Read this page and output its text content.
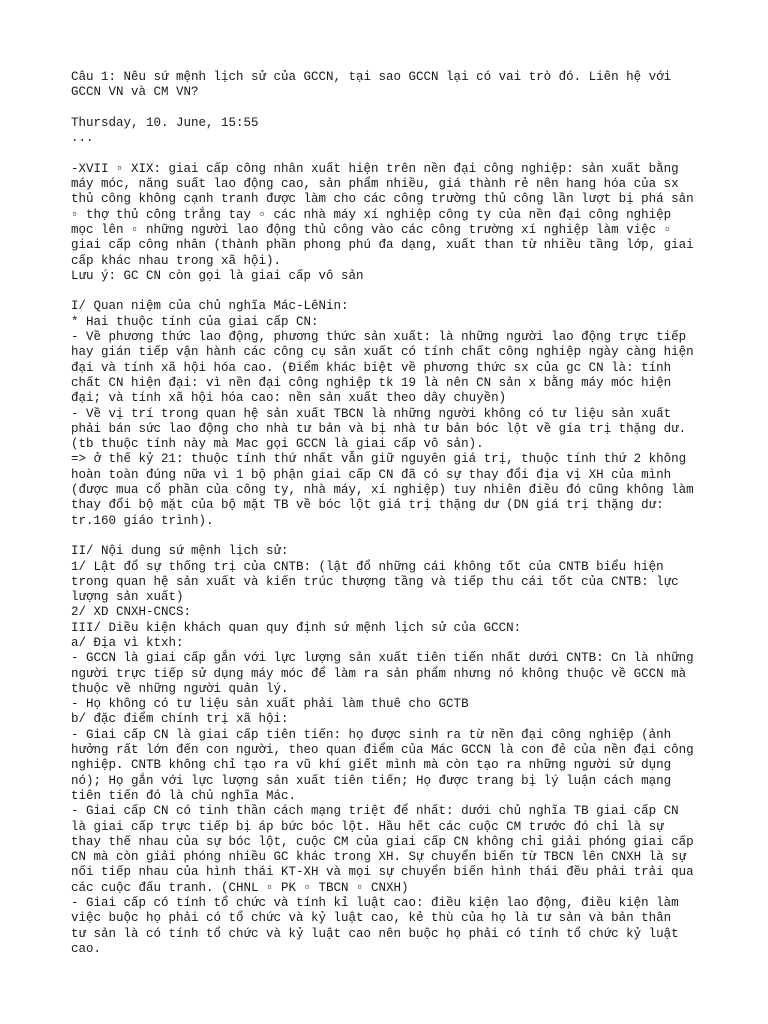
Câu 1: Nêu sứ mệnh lịch sử của GCCN, tại sao GCCN lại có vai trò đó. Liên hệ với
GCCN VN và CM VN?
Thursday, 10. June, 15:55
...
-XVII ▫ XIX: giai cấp công nhân xuất hiện trên nền đại công nghiệp: sản xuất bằng
máy móc, năng suất lao động cao, sản phẩm nhiều, giá thành rẻ nên hang hóa của sx
thủ công không cạnh tranh được làm cho các công trường thủ công lần lượt bị phá sản
▫ thợ thủ công trắng tay ▫ các nhà máy xí nghiệp công ty của nền đại công nghiệp
mọc lên ▫ những người lao động thủ công vào các công trường xí nghiệp làm việc ▫
giai cấp công nhân (thành phần phong phú đa dạng, xuất than từ nhiều tầng lớp, giai
cấp khác nhau trong xã hội).
Lưu ý: GC CN còn gọi là giai cấp vô sản
I/ Quan niệm của chủ nghĩa Mác-LêNin:
* Hai thuộc tính của giai cấp CN:
- Về phương thức lao động, phương thức sản xuất: là những người lao động trực tiếp
hay gián tiếp vận hành các công cụ sản xuất có tính chất công nghiệp ngày càng hiện
đại và tính xã hội hóa cao. (Điểm khác biệt về phương thức sx của gc CN là: tính
chất CN hiện đại: vì nền đại công nghiệp tk 19 là nên CN sản x bằng máy móc hiện
đại; và tính xã hội hóa cao: nền sản xuất theo dây chuyền)
- Về vị trí trong quan hệ sản xuất TBCN là những người không có tư liệu sản xuất
phải bán sức lao động cho nhà tư bản và bị nhà tư bản bóc lột về gía trị thặng dư.
(tb thuộc tính này mà Mac gọi GCCN là giai cấp vô sản).
=> ở thế kỷ 21: thuộc tính thứ nhất vẫn giữ nguyên giá trị, thuộc tính thứ 2 không
hoàn toàn đúng nữa vì 1 bộ phận giai cấp CN đã có sự thay đổi địa vị XH của mình
(được mua cổ phần của công ty, nhà máy, xí nghiệp) tuy nhiên điều đó cũng không làm
thay đổi bộ mặt của bộ mặt TB về bóc lột giá trị thặng dư (DN giá trị thặng dư:
tr.160 giáo trình).
II/ Nội dung sứ mệnh lịch sử:
1/ Lật đổ sự thống trị của CNTB: (lật đổ những cái không tốt của CNTB biểu hiện
trong quan hệ sản xuất và kiến trúc thượng tầng và tiếp thu cái tốt của CNTB: lực
lượng sản xuất)
2/ XD CNXH-CNCS:
III/ Diều kiện khách quan quy định sứ mệnh lịch sử của GCCN:
a/ Địa vì ktxh:
- GCCN là giai cấp gắn với lực lượng sản xuất tiên tiến nhất dưới CNTB: Cn là những
người trực tiếp sử dụng máy móc để làm ra sản phẩm nhưng nó không thuộc về GCCN mà
thuộc về những người quản lý.
- Họ không có tư liệu sản xuất phải làm thuê cho GCTB
b/ đặc điểm chính trị xã hội:
- Giai cấp CN là giai cấp tiên tiến: họ được sinh ra từ nền đại công nghiệp (ảnh
hưởng rất lớn đến con người, theo quan điểm của Mác GCCN là con đẻ của nền đại công
nghiệp. CNTB không chỉ tạo ra vũ khí giết mình mà còn tạo ra những người sử dụng
nó); Họ gắn với lực lượng sản xuất tiên tiến; Họ được trang bị lý luận cách mạng
tiên tiến đó là chủ nghĩa Mác.
- Giai cấp CN có tinh thần cách mạng triệt để nhất: dưới chủ nghĩa TB giai cấp CN
là giai cấp trực tiếp bị áp bức bóc lột. Hầu hết các cuộc CM trước đó chỉ là sự
thay thế nhau của sự bóc lột, cuộc CM của giai cấp CN không chỉ giải phóng giai cấp
CN mà còn giải phóng nhiều GC khác trong XH. Sự chuyển biến từ TBCN lên CNXH là sự
nối tiếp nhau của hình thái KT-XH và mọi sự chuyển biến hình thái đều phải trải qua
các cuộc đấu tranh. (CHNL ▫ PK ▫ TBCN ▫ CNXH)
- Giai cấp có tính tổ chức và tính kỉ luật cao: điều kiện lao động, điều kiện làm
việc buộc họ phải có tổ chức và kỷ luật cao, kẻ thù của họ là tư sản và bản thân
tư sản là có tính tổ chức và kỷ luật cao nên buộc họ phải có tính tổ chức kỷ luật
cao.
